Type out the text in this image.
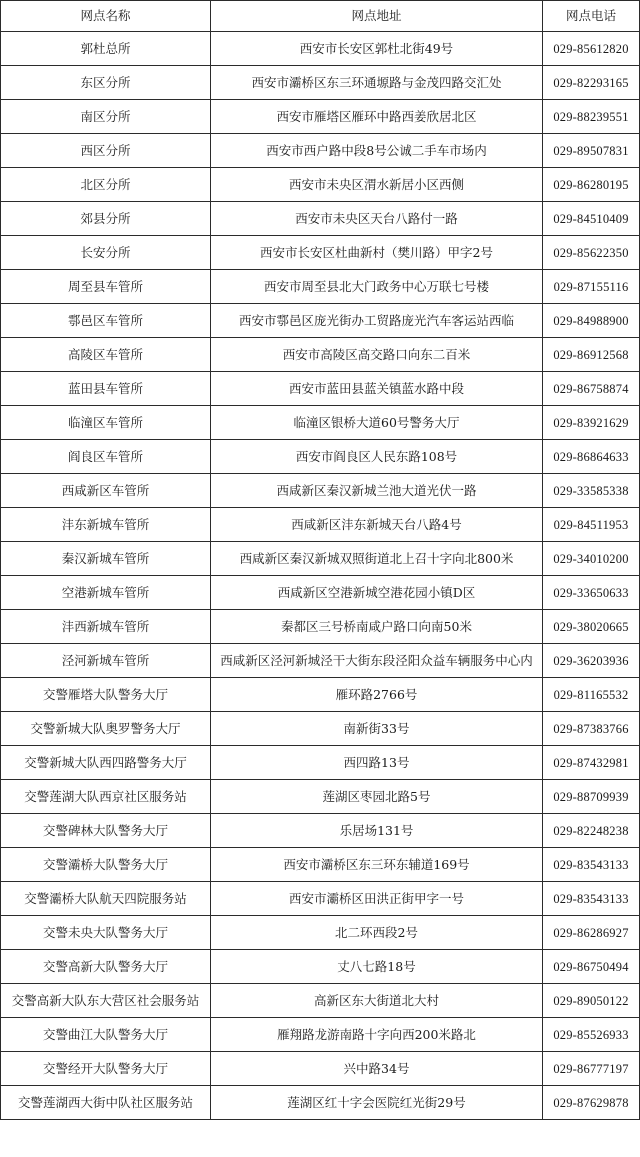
网点名称	网点地址	网点电话
郭杜总所	西安市长安区郭杜北街49号	029-85612820
东区分所	西安市灞桥区东三环通塬路与金茂四路交汇处	029-82293165
南区分所	西安市雁塔区雁环中路西姜欣居北区	029-88239551
西区分所	西安市西户路中段8号公诚二手车市场内	029-89507831
北区分所	西安市未央区渭水新居小区西侧	029-86280195
郊县分所	西安市未央区天台八路付一路	029-84510409
长安分所	西安市长安区杜曲新村（樊川路）甲字2号	029-85622350
周至县车管所	西安市周至县北大门政务中心万联七号楼	029-87155116
鄠邑区车管所	西安市鄠邑区庞光街办工贸路庞光汽车客运站西临	029-84988900
高陵区车管所	西安市高陵区高交路口向东二百米	029-86912568
蓝田县车管所	西安市蓝田县蓝关镇蓝水路中段	029-86758874
临潼区车管所	临潼区银桥大道60号警务大厅	029-83921629
阎良区车管所	西安市阎良区人民东路108号	029-86864633
西咸新区车管所	西咸新区秦汉新城兰池大道光伏一路	029-33585338
沣东新城车管所	西咸新区沣东新城天台八路4号	029-84511953
秦汉新城车管所	西咸新区秦汉新城双照街道北上召十字向北800米	029-34010200
空港新城车管所	西咸新区空港新城空港花园小镇D区	029-33650633
沣西新城车管所	秦都区三号桥南咸户路口向南50米	029-38020665
泾河新城车管所	西咸新区泾河新城泾干大街东段泾阳众益车辆服务中心内	029-36203936
交警雁塔大队警务大厅	雁环路2766号	029-81165532
交警新城大队奥罗警务大厅	南新街33号	029-87383766
交警新城大队西四路警务大厅	西四路13号	029-87432981
交警莲湖大队西京社区服务站	莲湖区枣园北路5号	029-88709939
交警碑林大队警务大厅	乐居场131号	029-82248238
交警灞桥大队警务大厅	西安市灞桥区东三环东辅道169号	029-83543133
交警灞桥大队航天四院服务站	西安市灞桥区田洪正街甲字一号	029-83543133
交警未央大队警务大厅	北二环西段2号	029-86286927
交警高新大队警务大厅	丈八七路18号	029-86750494
交警高新大队东大营区社会服务站	高新区东大街道北大村	029-89050122
交警曲江大队警务大厅	雁翔路龙游南路十字向西200米路北	029-85526933
交警经开大队警务大厅	兴中路34号	029-86777197
交警莲湖西大街中队社区服务站	莲湖区红十字会医院红光街29号	029-87629878
